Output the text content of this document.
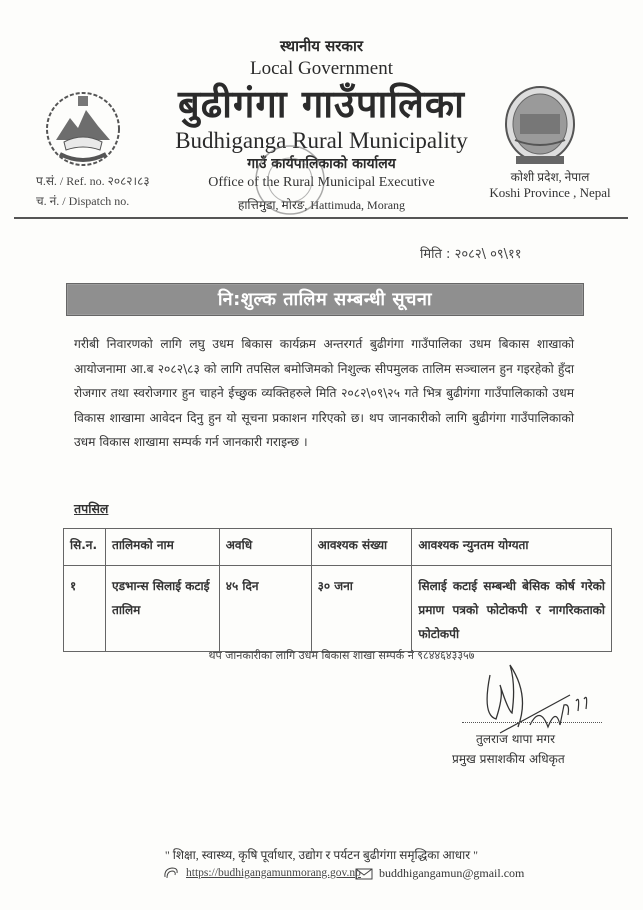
स्थानीय सरकार
Local Government
बुढीगंगा गाउँपालिका
Budhiganga Rural Municipality
गाउँ कार्यपालिकाको कार्यालय
Office of the Rural Municipal Executive
हात्तिमुडा, मोरङ, Hattimuda, Morang
प.सं. / Ref. no. २०८२।८३
च. नं. / Dispatch no.
कोशी प्रदेश, नेपाल
Koshi Province , Nepal
मिति : २०८२\ ०९\११
नि:शुल्क तालिम सम्बन्धी सूचना
गरीबी निवारणको लागि लघु उधम बिकास कार्यक्रम अन्तरगर्त बुढीगंगा गाउँपालिका उधम बिकास शाखाको आयोजनामा आ.ब २०८२\८३ को लागि तपसिल बमोजिमको निशुल्क सीपमुलक तालिम सञ्चालन हुन गइरहेको हुँदा रोजगार तथा स्वरोजगार हुन चाहने ईच्छुक व्यक्तिहरुले मिति २०८२\०९\२५ गते भित्र बुढीगंगा गाउँपालिकाको उधम विकास शाखामा आवेदन दिनु हुन यो सूचना प्रकाशन गरिएको छ। थप जानकारीको लागि बुढीगंगा गाउँपालिकाको उधम विकास शाखामा सम्पर्क गर्न जानकारी गराइन्छ ।
तपसिल
सि.न.	तालिमको नाम	अवधि	आवश्यक संख्या	आवश्यक न्युनतम योग्यता
१	एडभान्स सिलाई कटाई तालिम	४५ दिन	३० जना	सिलाई कटाई सम्बन्धी बेसिक कोर्ष गरेको प्रमाण पत्रको फोटोकपी र नागरिकताको फोटोकपी
थप जानकारीका लागि उधम बिकास शाखा सम्पर्क नं ९८४४६४३३५७
तुलराज थापा मगर
प्रमुख प्रसाशकीय अधिकृत
" शिक्षा, स्वास्थ्य, कृषि पूर्वाधार, उद्योग र पर्यटन बुढीगंगा समृद्धिका आधार "
https://budhigangamunmorang.gov.np buddhigangamun@gmail.com
